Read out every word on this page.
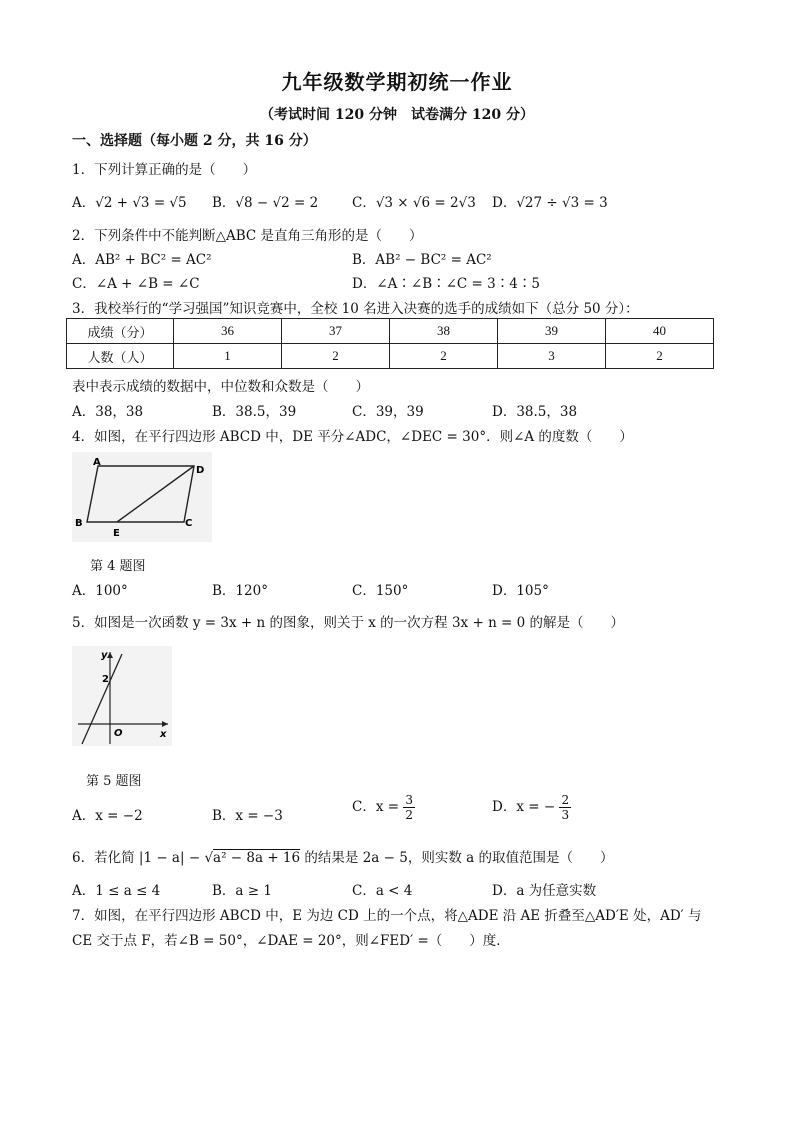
九年级数学期初统一作业
（考试时间 120 分钟　试卷满分 120 分）
一、选择题（每小题 2 分，共 16 分）
1．下列计算正确的是（　　）
A．√2 + √3 = √5 B．√8 − √2 = 2	C．√3 × √6 = 2√3 D．√27 ÷ √3 = 3
2．下列条件中不能判断△ABC 是直角三角形的是（　　）
A．AB² + BC² = AC²	B．AB² − BC² = AC²
C．∠A + ∠B = ∠C	D．∠A∶∠B∶∠C = 3∶4∶5
3．我校举行的“学习强国”知识竞赛中，全校 10 名进入决赛的选手的成绩如下（总分 50 分）：
成绩（分）	36	37	38	39	40
人数（人）	1	2	2	3	2
表中表示成绩的数据中，中位数和众数是（　　）
A．38，38	B．38.5，39	C．39，39	D．38.5，38
4．如图，在平行四边形 ABCD 中，DE 平分∠ADC，∠DEC = 30°．则∠A 的度数（　　）
A
D
B
E
C
第 4 题图
A．100°	B．120°	C．150°	D．105°
5．如图是一次函数 y = 3x + n 的图象，则关于 x 的一次方程 3x + n = 0 的解是（　　）
y
2
O	x
第 5 题图
A．x = −2	B．x = −3
C．$x = \frac{3}{2}$	D．x = − $\frac{2}{3}$
6．若化简 |1 − a| − √a² − 8a + 16 的结果是 2a − 5，则实数 a 的取值范围是（　　）
A．1 ≤ a ≤ 4	B．a ≥ 1	C．a < 4	D．a 为任意实数
7．如图，在平行四边形 ABCD 中，E 为边 CD 上的一个点，将△ADE 沿 AE 折叠至△AD′E 处，AD′ 与
CE 交于点 F，若∠B = 50°，∠DAE = 20°，则∠FED′ =（　　）度．
